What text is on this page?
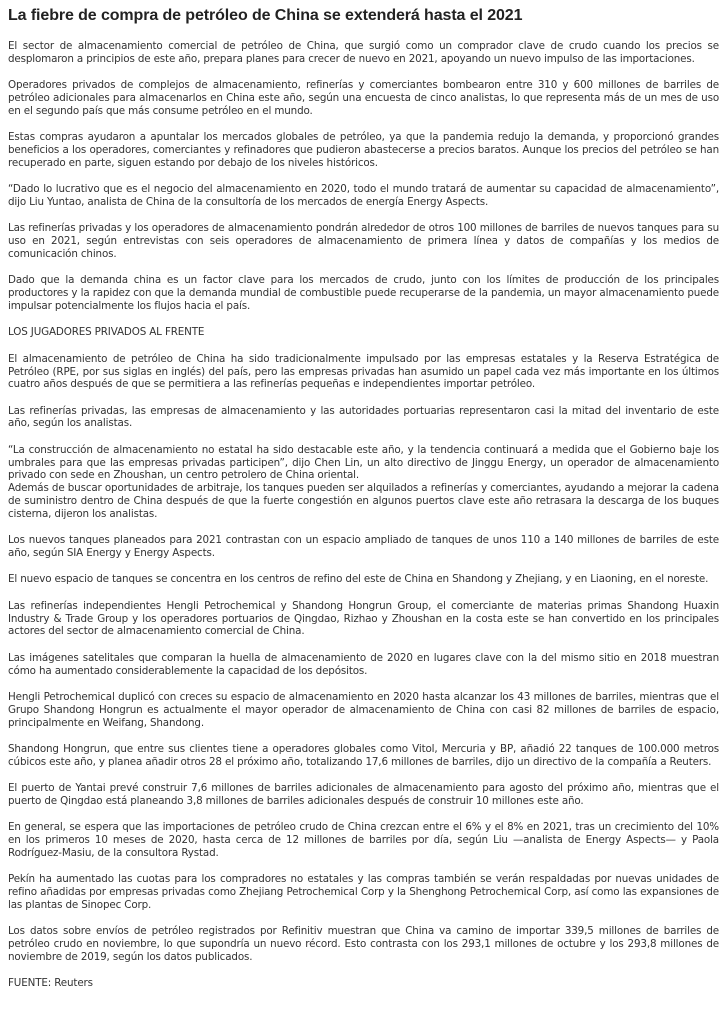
La fiebre de compra de petróleo de China se extenderá hasta el 2021

El sector de almacenamiento comercial de petróleo de China, que surgió como un comprador clave de crudo cuando los precios se desplomaron a principios de este año, prepara planes para crecer de nuevo en 2021, apoyando un nuevo impulso de las importaciones.

Operadores privados de complejos de almacenamiento, refinerías y comerciantes bombearon entre 310 y 600 millones de barriles de petróleo adicionales para almacenarlos en China este año, según una encuesta de cinco analistas, lo que representa más de un mes de uso en el segundo país que más consume petróleo en el mundo.

Estas compras ayudaron a apuntalar los mercados globales de petróleo, ya que la pandemia redujo la demanda, y proporcionó grandes beneficios a los operadores, comerciantes y refinadores que pudieron abastecerse a precios baratos. Aunque los precios del petróleo se han recuperado en parte, siguen estando por debajo de los niveles históricos.

“Dado lo lucrativo que es el negocio del almacenamiento en 2020, todo el mundo tratará de aumentar su capacidad de almacenamiento”, dijo Liu Yuntao, analista de China de la consultoría de los mercados de energía Energy Aspects.

Las refinerías privadas y los operadores de almacenamiento pondrán alrededor de otros 100 millones de barriles de nuevos tanques para su uso en 2021, según entrevistas con seis operadores de almacenamiento de primera línea y datos de compañías y los medios de comunicación chinos.

Dado que la demanda china es un factor clave para los mercados de crudo, junto con los límites de producción de los principales productores y la rapidez con que la demanda mundial de combustible puede recuperarse de la pandemia, un mayor almacenamiento puede impulsar potencialmente los flujos hacia el país.

LOS JUGADORES PRIVADOS AL FRENTE

El almacenamiento de petróleo de China ha sido tradicionalmente impulsado por las empresas estatales y la Reserva Estratégica de Petróleo (RPE, por sus siglas en inglés) del país, pero las empresas privadas han asumido un papel cada vez más importante en los últimos cuatro años después de que se permitiera a las refinerías pequeñas e independientes importar petróleo.

Las refinerías privadas, las empresas de almacenamiento y las autoridades portuarias representaron casi la mitad del inventario de este año, según los analistas.

“La construcción de almacenamiento no estatal ha sido destacable este año, y la tendencia continuará a medida que el Gobierno baje los umbrales para que las empresas privadas participen”, dijo Chen Lin, un alto directivo de Jinggu Energy, un operador de almacenamiento privado con sede en Zhoushan, un centro petrolero de China oriental.

Además de buscar oportunidades de arbitraje, los tanques pueden ser alquilados a refinerías y comerciantes, ayudando a mejorar la cadena de suministro dentro de China después de que la fuerte congestión en algunos puertos clave este año retrasara la descarga de los buques cisterna, dijeron los analistas.

Los nuevos tanques planeados para 2021 contrastan con un espacio ampliado de tanques de unos 110 a 140 millones de barriles de este año, según SIA Energy y Energy Aspects.

El nuevo espacio de tanques se concentra en los centros de refino del este de China en Shandong y Zhejiang, y en Liaoning, en el noreste.

Las refinerías independientes Hengli Petrochemical y Shandong Hongrun Group, el comerciante de materias primas Shandong Huaxin Industry & Trade Group y los operadores portuarios de Qingdao, Rizhao y Zhoushan en la costa este se han convertido en los principales actores del sector de almacenamiento comercial de China.

Las imágenes satelitales que comparan la huella de almacenamiento de 2020 en lugares clave con la del mismo sitio en 2018 muestran cómo ha aumentado considerablemente la capacidad de los depósitos.

Hengli Petrochemical duplicó con creces su espacio de almacenamiento en 2020 hasta alcanzar los 43 millones de barriles, mientras que el Grupo Shandong Hongrun es actualmente el mayor operador de almacenamiento de China con casi 82 millones de barriles de espacio, principalmente en Weifang, Shandong.

Shandong Hongrun, que entre sus clientes tiene a operadores globales como Vitol, Mercuria y BP, añadió 22 tanques de 100.000 metros cúbicos este año, y planea añadir otros 28 el próximo año, totalizando 17,6 millones de barriles, dijo un directivo de la compañía a Reuters.

El puerto de Yantai prevé construir 7,6 millones de barriles adicionales de almacenamiento para agosto del próximo año, mientras que el puerto de Qingdao está planeando 3,8 millones de barriles adicionales después de construir 10 millones este año.

En general, se espera que las importaciones de petróleo crudo de China crezcan entre el 6% y el 8% en 2021, tras un crecimiento del 10% en los primeros 10 meses de 2020, hasta cerca de 12 millones de barriles por día, según Liu —analista de Energy Aspects— y Paola Rodríguez-Masiu, de la consultora Rystad.

Pekín ha aumentado las cuotas para los compradores no estatales y las compras también se verán respaldadas por nuevas unidades de refino añadidas por empresas privadas como Zhejiang Petrochemical Corp y la Shenghong Petrochemical Corp, así como las expansiones de las plantas de Sinopec Corp.

Los datos sobre envíos de petróleo registrados por Refinitiv muestran que China va camino de importar 339,5 millones de barriles de petróleo crudo en noviembre, lo que supondría un nuevo récord. Esto contrasta con los 293,1 millones de octubre y los 293,8 millones de noviembre de 2019, según los datos publicados.

FUENTE: Reuters
